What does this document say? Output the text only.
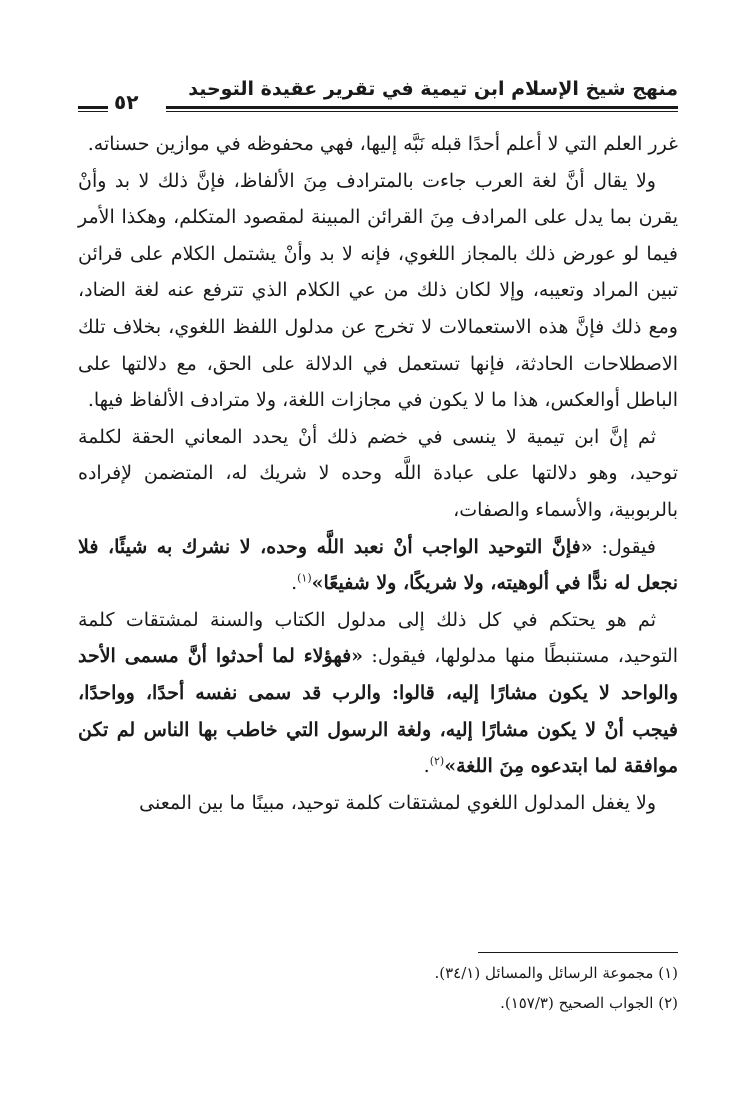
منهج شيخ الإسلام ابن تيمية في تقرير عقيدة التوحيد
٥٢

غرر العلم التي لا أعلم أحدًا قبله نَبَّه إليها، فهي محفوظه في موازين حسناته.

ولا يقال أنَّ لغة العرب جاءت بالمترادف مِنَ الألفاظ، فإنَّ ذلك لا بد وأنْ يقرن بما يدل على المرادف مِنَ القرائن المبينة لمقصود المتكلم، وهكذا الأمر فيما لو عورض ذلك بالمجاز اللغوي، فإنه لا بد وأنْ يشتمل الكلام على قرائن تبين المراد وتعيبه، وإلا لكان ذلك من عي الكلام الذي تترفع عنه لغة الضاد، ومع ذلك فإنَّ هذه الاستعمالات لا تخرج عن مدلول اللفظ اللغوي، بخلاف تلك الاصطلاحات الحادثة، فإنها تستعمل في الدلالة على الحق، مع دلالتها على الباطل أوالعكس، هذا ما لا يكون في مجازات اللغة، ولا مترادف الألفاظ فيها.

ثم إنَّ ابن تيمية لا ينسى في خضم ذلك أنْ يحدد المعاني الحقة لكلمة توحيد، وهو دلالتها على عبادة اللَّه وحده لا شريك له، المتضمن لإفراده بالربوبية، والأسماء والصفات،

فيقول: «فإنَّ التوحيد الواجب أنْ نعبد اللَّه وحده، لا نشرك به شيئًا، فلا نجعل له ندًّا في ألوهيته، ولا شريكًا، ولا شفيعًا»$^{(١)}$.

ثم هو يحتكم في كل ذلك إلى مدلول الكتاب والسنة لمشتقات كلمة التوحيد، مستنبطًا منها مدلولها، فيقول: «فهؤلاء لما أحدثوا أنَّ مسمى الأحد والواحد لا يكون مشارًا إليه، قالوا: والرب قد سمى نفسه أحدًا، وواحدًا، فيجب أنْ لا يكون مشارًا إليه، ولغة الرسول التي خاطب بها الناس لم تكن موافقة لما ابتدعوه مِنَ اللغة»$^{(٢)}$.

ولا يغفل المدلول اللغوي لمشتقات كلمة توحيد، مبينًا ما بين المعنى

(١) مجموعة الرسائل والمسائل (٣٤/١).
(٢) الجواب الصحيح (١٥٧/٣).
